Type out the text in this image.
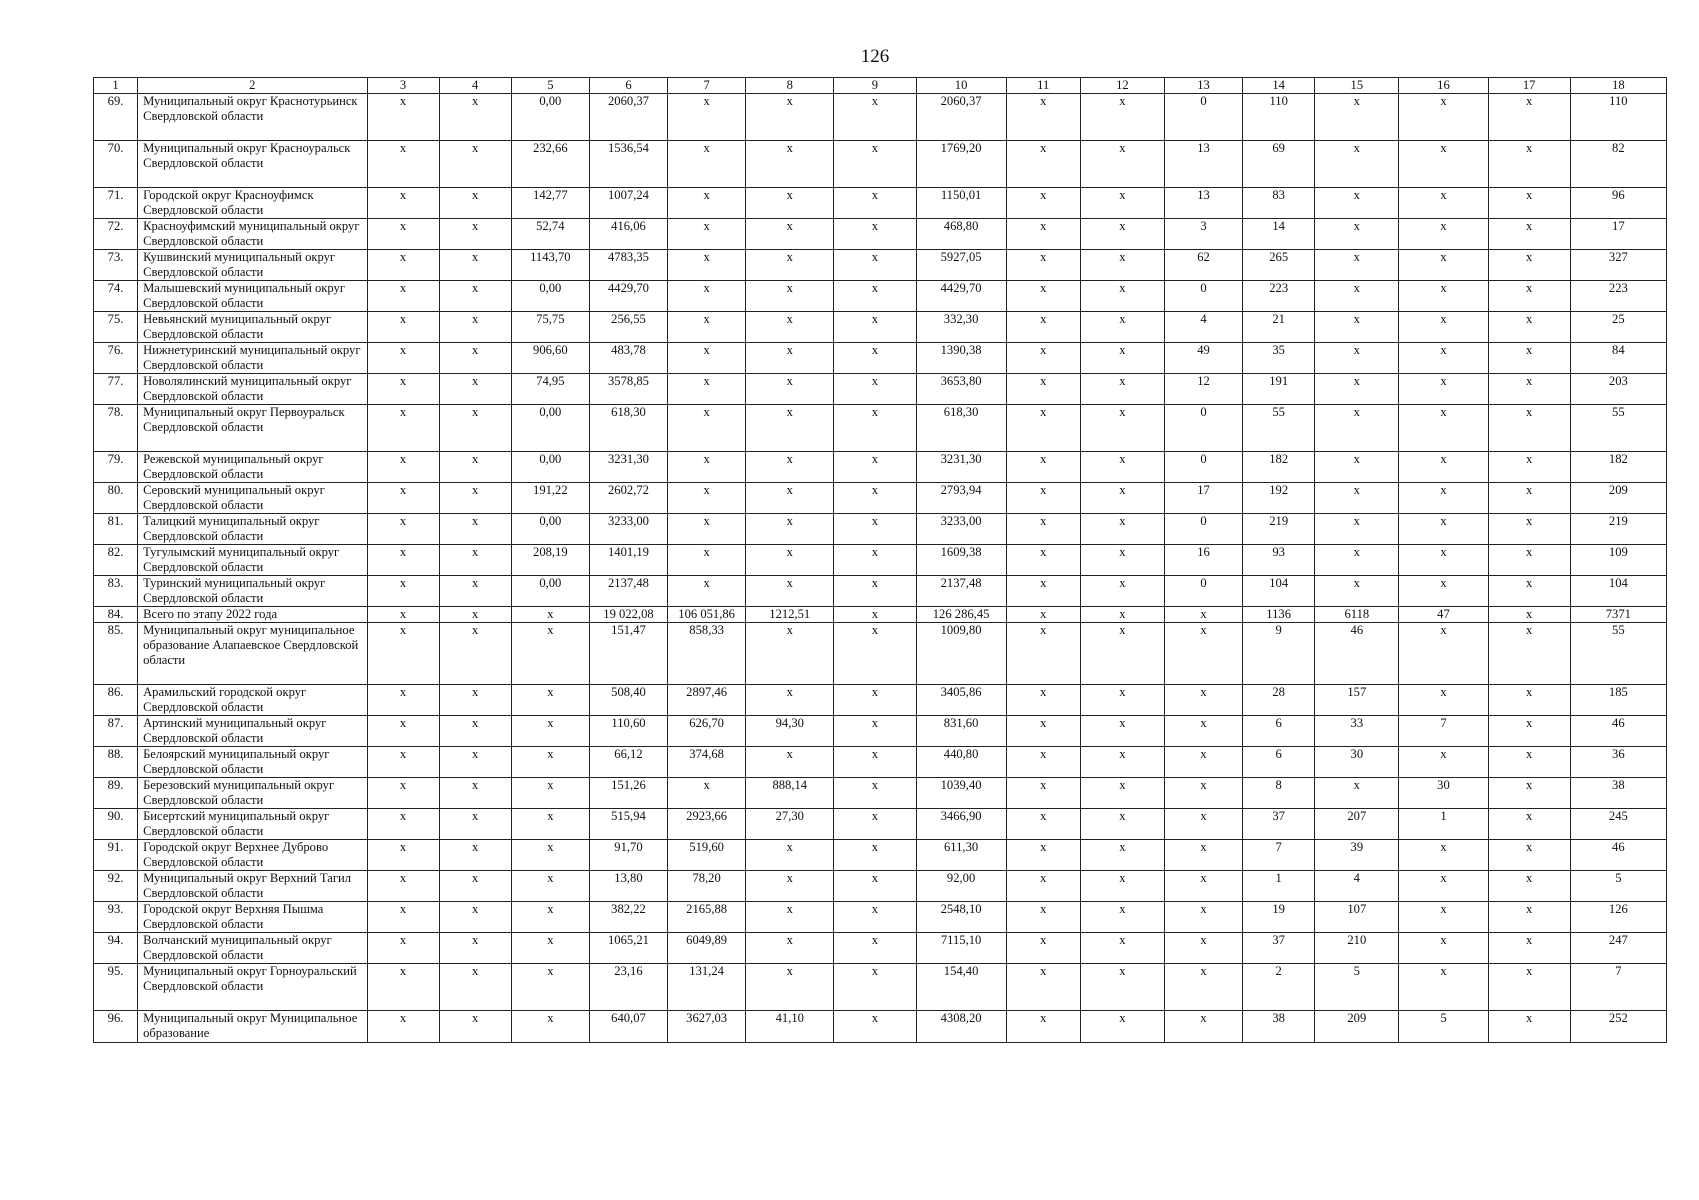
126
1	2	3	4	5	6	7	8	9	10	11	12	13	14	15	16	17	18
69.	Муниципальный округ Краснотурьинск Свердловской области	х	х	0,00	2060,37	х	х	х	2060,37	х	х	0	110	х	х	х	110
70.	Муниципальный округ Красноуральск Свердловской области	х	х	232,66	1536,54	х	х	х	1769,20	х	х	13	69	х	х	х	82
71.	Городской округ Красноуфимск Свердловской области	х	х	142,77	1007,24	х	х	х	1150,01	х	х	13	83	х	х	х	96
72.	Красноуфимский муниципальный округ Свердловской области	х	х	52,74	416,06	х	х	х	468,80	х	х	3	14	х	х	х	17
73.	Кушвинский муниципальный округ Свердловской области	х	х	1143,70	4783,35	х	х	х	5927,05	х	х	62	265	х	х	х	327
74.	Малышевский муниципальный округ Свердловской области	х	х	0,00	4429,70	х	х	х	4429,70	х	х	0	223	х	х	х	223
75.	Невьянский муниципальный округ Свердловской области	х	х	75,75	256,55	х	х	х	332,30	х	х	4	21	х	х	х	25
76.	Нижнетуринский муниципальный округ Свердловской области	х	х	906,60	483,78	х	х	х	1390,38	х	х	49	35	х	х	х	84
77.	Новолялинский муниципальный округ Свердловской области	х	х	74,95	3578,85	х	х	х	3653,80	х	х	12	191	х	х	х	203
78.	Муниципальный округ Первоуральск Свердловской области	х	х	0,00	618,30	х	х	х	618,30	х	х	0	55	х	х	х	55
79.	Режевской муниципальный округ Свердловской области	х	х	0,00	3231,30	х	х	х	3231,30	х	х	0	182	х	х	х	182
80.	Серовский муниципальный округ Свердловской области	х	х	191,22	2602,72	х	х	х	2793,94	х	х	17	192	х	х	х	209
81.	Талицкий муниципальный округ Свердловской области	х	х	0,00	3233,00	х	х	х	3233,00	х	х	0	219	х	х	х	219
82.	Тугулымский муниципальный округ Свердловской области	х	х	208,19	1401,19	х	х	х	1609,38	х	х	16	93	х	х	х	109
83.	Туринский муниципальный округ Свердловской области	х	х	0,00	2137,48	х	х	х	2137,48	х	х	0	104	х	х	х	104
84.	Всего по этапу 2022 года	х	х	х	19 022,08	106 051,86	1212,51	х	126 286,45	х	х	х	1136	6118	47	х	7371
85.	Муниципальный округ муниципальное образование Алапаевское Свердловской области	х	х	х	151,47	858,33	х	х	1009,80	х	х	х	9	46	х	х	55
86.	Арамильский городской округ Свердловской области	х	х	х	508,40	2897,46	х	х	3405,86	х	х	х	28	157	х	х	185
87.	Артинский муниципальный округ Свердловской области	х	х	х	110,60	626,70	94,30	х	831,60	х	х	х	6	33	7	х	46
88.	Белоярский муниципальный округ Свердловской области	х	х	х	66,12	374,68	х	х	440,80	х	х	х	6	30	х	х	36
89.	Березовский муниципальный округ Свердловской области	х	х	х	151,26	х	888,14	х	1039,40	х	х	х	8	х	30	х	38
90.	Бисертский муниципальный округ Свердловской области	х	х	х	515,94	2923,66	27,30	х	3466,90	х	х	х	37	207	1	х	245
91.	Городской округ Верхнее Дуброво Свердловской области	х	х	х	91,70	519,60	х	х	611,30	х	х	х	7	39	х	х	46
92.	Муниципальный округ Верхний Тагил Свердловской области	х	х	х	13,80	78,20	х	х	92,00	х	х	х	1	4	х	х	5
93.	Городской округ Верхняя Пышма Свердловской области	х	х	х	382,22	2165,88	х	х	2548,10	х	х	х	19	107	х	х	126
94.	Волчанский муниципальный округ Свердловской области	х	х	х	1065,21	6049,89	х	х	7115,10	х	х	х	37	210	х	х	247
95.	Муниципальный округ Горноуральский Свердловской области	х	х	х	23,16	131,24	х	х	154,40	х	х	х	2	5	х	х	7
96.	Муниципальный округ Муниципальное образование	х	х	х	640,07	3627,03	41,10	х	4308,20	х	х	х	38	209	5	х	252
